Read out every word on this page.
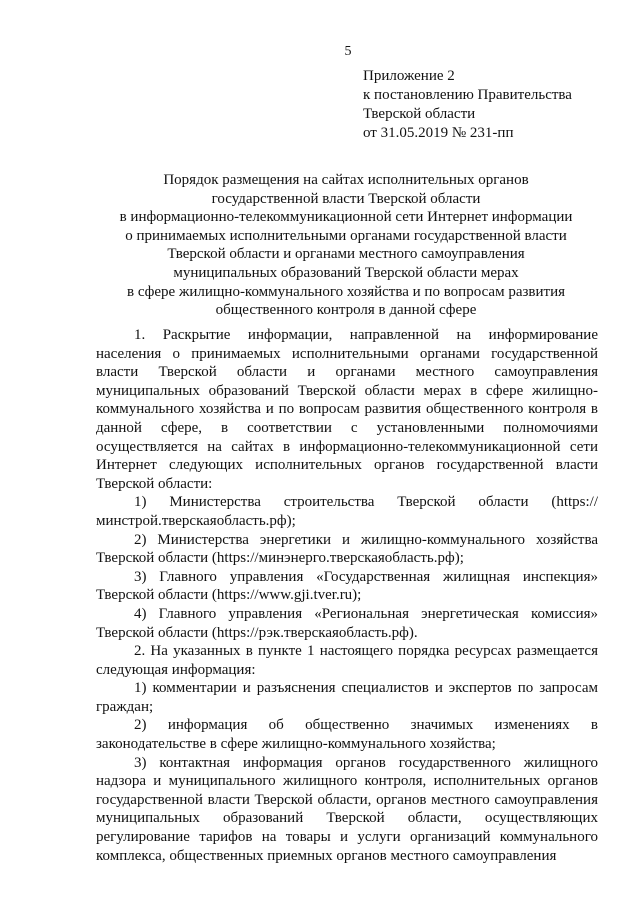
5
Приложение 2
к постановлению Правительства
Тверской области
от 31.05.2019 № 231-пп
Порядок размещения на сайтах исполнительных органов
государственной власти Тверской области
в информационно-телекоммуникационной сети Интернет информации
о принимаемых исполнительными органами государственной власти
Тверской области и органами местного самоуправления
муниципальных образований Тверской области мерах
в сфере жилищно-коммунального хозяйства и по вопросам развития
общественного контроля в данной сфере

1. Раскрытие информации, направленной на информирование населения о принимаемых исполнительными органами государственной власти Тверской области и органами местного самоуправления муниципальных образований Тверской области мерах в сфере жилищно-коммунального хозяйства и по вопросам развития общественного контроля в данной сфере, в соответствии с установленными полномочиями осуществляется на сайтах в информационно-телекоммуникационной сети Интернет следующих исполнительных органов государственной власти Тверской области:

1) Министерства строительства Тверской области (https://минстрой.тверскаяобласть.рф);

2) Министерства энергетики и жилищно-коммунального хозяйства Тверской области (https://минэнерго.тверскаяобласть.рф);

3) Главного управления «Государственная жилищная инспекция» Тверской области (https://www.gji.tver.ru);

4) Главного управления «Региональная энергетическая комиссия» Тверской области (https://рэк.тверскаяобласть.рф).

2. На указанных в пункте 1 настоящего порядка ресурсах размещается следующая информация:

1) комментарии и разъяснения специалистов и экспертов по запросам граждан;

2) информация об общественно значимых изменениях в законодательстве в сфере жилищно-коммунального хозяйства;

3) контактная информация органов государственного жилищного надзора и муниципального жилищного контроля, исполнительных органов государственной власти Тверской области, органов местного самоуправления муниципальных образований Тверской области, осуществляющих регулирование тарифов на товары и услуги организаций коммунального комплекса, общественных приемных органов местного самоуправления
